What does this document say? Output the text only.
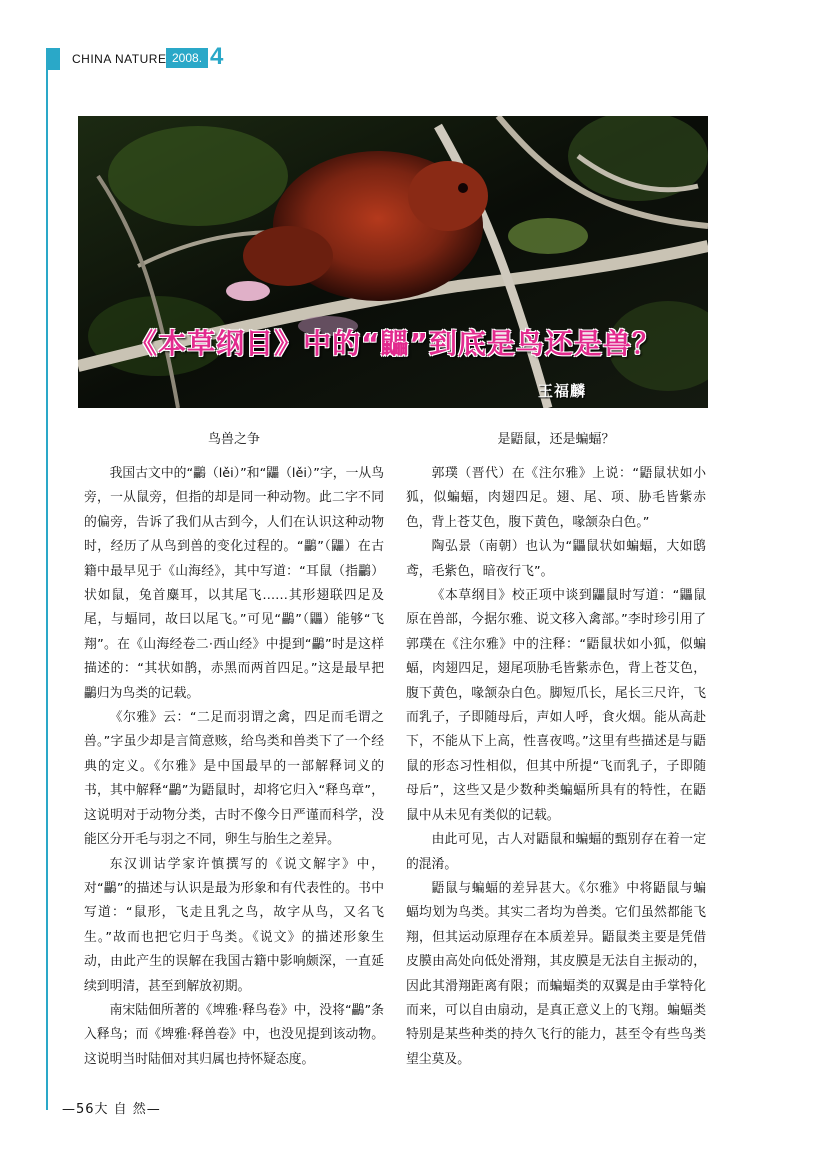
CHINA NATURE 2008. 4
《本草纲目》中的“鼺”到底是鸟还是兽？
王福麟
鸟兽之争

我国古文中的“鸓（lěi）”和“鼺（lěi）”字，一从鸟旁，一从鼠旁，但指的却是同一种动物。此二字不同的偏旁，告诉了我们从古到今，人们在认识这种动物时，经历了从鸟到兽的变化过程的。“鸓”（鼺）在古籍中最早见于《山海经》，其中写道：“耳鼠（指鸓）状如鼠，兔首麋耳，以其尾飞……其形翅联四足及尾，与蝠同，故曰以尾飞。”可见“鸓”（鼺）能够“飞翔”。在《山海经卷二·西山经》中提到“鸓”时是这样描述的：“其状如鹊，赤黑而两首四足。”这是最早把鸓归为鸟类的记载。

《尔雅》云：“二足而羽谓之禽，四足而毛谓之兽。”字虽少却是言简意赅，给鸟类和兽类下了一个经典的定义。《尔雅》是中国最早的一部解释词义的书，其中解释“鸓”为鼯鼠时，却将它归入“释鸟章”，这说明对于动物分类，古时不像今日严谨而科学，没能区分开毛与羽之不同，卵生与胎生之差异。

东汉训诂学家许慎撰写的《说文解字》中，对“鸓”的描述与认识是最为形象和有代表性的。书中写道：“鼠形，飞走且乳之鸟，故字从鸟，又名飞生。”故而也把它归于鸟类。《说文》的描述形象生动，由此产生的误解在我国古籍中影响颇深，一直延续到明清，甚至到解放初期。

南宋陆佃所著的《埤雅·释鸟卷》中，没将“鸓”条入释鸟；而《埤雅·释兽卷》中，也没见提到该动物。这说明当时陆佃对其归属也持怀疑态度。

是鼯鼠，还是蝙蝠？

郭璞（晋代）在《注尔雅》上说：“鼯鼠状如小狐，似蝙蝠，肉翅四足。翅、尾、项、胁毛皆紫赤色，背上苍艾色，腹下黄色，喙颔杂白色。”

陶弘景（南朝）也认为“鼺鼠状如蝙蝠，大如鸱鸢，毛紫色，暗夜行飞”。

《本草纲目》校正项中谈到鼺鼠时写道：“鼺鼠原在兽部，今据尔雅、说文移入禽部。”李时珍引用了郭璞在《注尔雅》中的注释：“鼯鼠状如小狐，似蝙蝠，肉翅四足，翅尾项胁毛皆紫赤色，背上苍艾色，腹下黄色，喙颔杂白色。脚短爪长，尾长三尺许，飞而乳子，子即随母后，声如人呼，食火烟。能从高赴下，不能从下上高，性喜夜鸣。”这里有些描述是与鼯鼠的形态习性相似，但其中所提“飞而乳子，子即随母后”，这些又是少数种类蝙蝠所具有的特性，在鼯鼠中从未见有类似的记载。

由此可见，古人对鼯鼠和蝙蝠的甄别存在着一定的混淆。

鼯鼠与蝙蝠的差异甚大。《尔雅》中将鼯鼠与蝙蝠均划为鸟类。其实二者均为兽类。它们虽然都能飞翔，但其运动原理存在本质差异。鼯鼠类主要是凭借皮膜由高处向低处滑翔，其皮膜是无法自主振动的，因此其滑翔距离有限；而蝙蝠类的双翼是由手掌特化而来，可以自由扇动，是真正意义上的飞翔。蝙蝠类特别是某些种类的持久飞行的能力，甚至令有些鸟类望尘莫及。

—56大 自 然—
